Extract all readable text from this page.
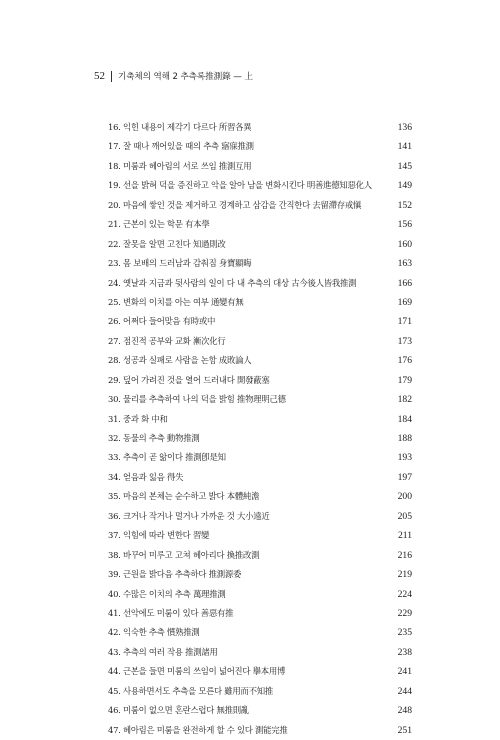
52 기축체의 역해 2 추측록推測錄 — 上
16. 익힌 내용이 제각기 다르다 所習各異	136
17. 잘 때나 깨어있을 때의 추측 寤寐推測	141
18. 미룸과 헤아림의 서로 쓰임 推測互用	145
19. 선을 밝혀 덕을 증진하고 악을 알아 남을 변화시킨다 明善進德知惡化人	149
20. 마음에 쌓인 것을 제거하고 경계하고 삼감을 간직한다 去留滯存戒愼	152
21. 근본이 있는 학문 有本學	156
22. 잘못을 알면 고친다 知過則改	160
23. 몸 보배의 드러남과 감춰짐 身寶顯晦	163
24. 옛날과 지금과 뒷사람의 일이 다 내 추측의 대상 古今後人皆我推測	166
25. 변화의 이치를 아는 여부 通變有無	169
26. 어쩌다 들어맞음 有時或中	171
27. 점진적 공부와 교화 漸次化行	173
28. 성공과 실패로 사람을 논함 成敗論人	176
29. 덮어 가려진 것을 열어 드러내다 開發蔽塞	179
30. 물리를 추측하여 나의 덕을 밝힘 推物理明己德	182
31. 중과 화 中和	184
32. 동물의 추측 動物推測	188
33. 추측이 곧 앎이다 推測卽是知	193
34. 얻음과 잃음 得失	197
35. 마음의 본체는 순수하고 밝다 本體純澹	200
36. 크거나 작거나 멀거나 가까운 것 大小遠近	205
37. 익힘에 따라 변한다 習變	211
38. 바꾸어 미루고 고쳐 헤아리다 換推改測	216
39. 근원을 밝다음 추측하다 推測源委	219
40. 수많은 이치의 추측 萬理推測	224
41. 선악에도 미룸이 있다 善惡有推	229
42. 익숙한 추측 慣熟推測	235
43. 추측의 여러 작용 推測諸用	238
44. 근본을 들면 미룸의 쓰임이 넓어진다 擧本用博	241
45. 사용하면서도 추측을 모른다 雖用而不知推	244
46. 미룸이 없으면 혼란스럽다 無推則亂	248
47. 헤아림은 미룸을 완전하게 할 수 있다 測能完推	251
